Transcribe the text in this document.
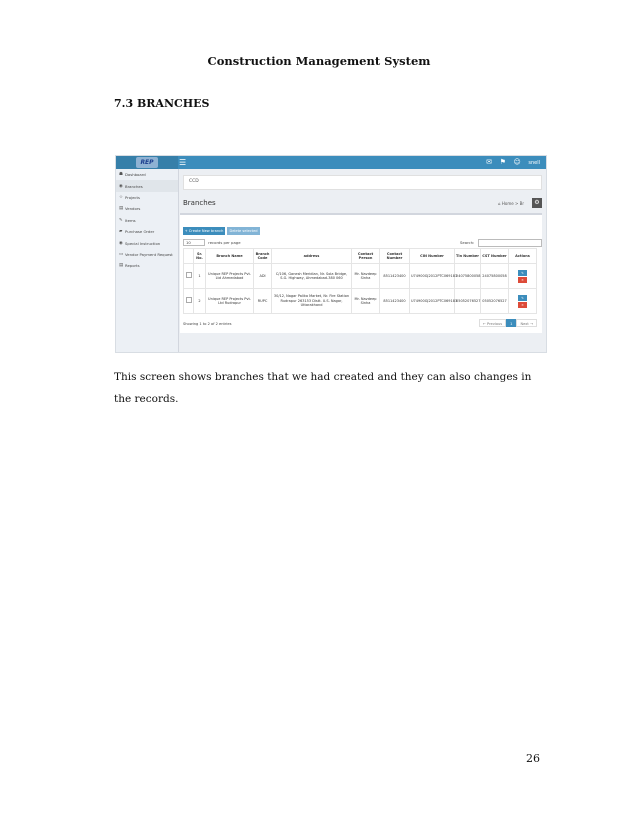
Construction Management System
7.3 BRANCHES
REP	☰	✉ ⚑ ☺ snell
☗ Dashboard
◉ Branches
☆ Projects
▤ Vendors
✎ Items
▰ Purchase Order
◉ Special Instruction
▭ Vendor Payment Request
▤ Reports
CCD
Branches	⌂ Home > Br	⚙
+ Create New branch	Delete selected
10	records per page	Search:
	Sr. No.	Branch Name	Branch Code	address	Contact Person	Contact Number	CIN Number	Tin Number	CST Number	Actions
	1	Unique REP Projects Pvt. Ltd Ahmedabad	ADI	C/106, Ganesh Meridian, Nr. Sola Bridge, S.G. Highway, Ahmedabad-380 060	Mr. Navdeep Sinha	8511423400	U74900GJ2012PTC069183	24075800058	24075800058	✎
✕

	2	Unique REP Projects Pvt. Ltd Rudrapur	RUPC	30/12, Nagar Palika Market, Nr. Fire Station Rudrapur 263153 Distt. U.S. Nagar, Uttarakhand	Mr. Navdeep Sinha	8511423400	U74900GJ2012PTC069183	05052076527	05052076527	✎
✕
Showing 1 to 2 of 2 entries	← Previous	1	Next →
This screen shows branches that we had created and they can also changes in the records.
26
